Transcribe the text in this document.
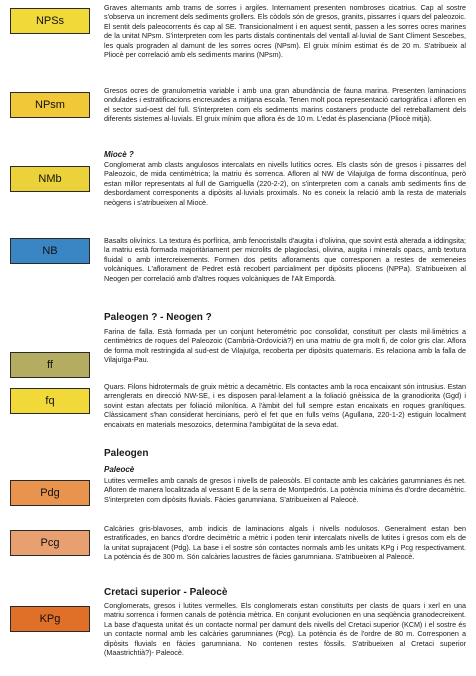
NPSs

Graves alternants amb trams de sorres i argiles. Internament presenten nombroses cicatrius. Cap al sostre s'observa un increment dels sediments grollers. Els còdols són de gresos, granits, pissarres i quars del paleozoic. El sentit dels paleocorrents és cap al SE. Transicionalment i en aquest sentit, passen a les sorres ocres marines de la unitat NPsm. S'interpreten com les parts distals continentals del ventall al·luvial de Sant Climent Sescebes, les quals prograden al damunt de les sorres ocres (NPsm). El gruix mínim estimat és de 20 m. S'atribueix al Pliocè per correlació amb els sediments marins (NPsm).

NPsm

Gresos ocres de granulometria variable i amb una gran abundància de fauna marina. Presenten laminacions ondulades i estratificacions encreuades a mitjana escala. Tenen molt poca representació cartogràfica i afloren en el sector sud-oest del full. S'interpreten com els sediments marins costaners producte del retreballament dels diferents sistemes al·luvials. El gruix mínim que aflora és de 10 m. L'edat és plasenciana (Pliocè mitjà).

Miocè ?

NMb

Conglomerat amb clasts angulosos intercalats en nivells lutítics ocres. Els clasts són de gresos i pissarres del Paleozoic, de mida centimètrica; la matriu és sorrenca. Afloren al NW de Vilajuïga de forma discontínua, però estan millor representats al full de Garriguella (220-2-2), on s'interpreten com a canals amb sediments fins de desbordament corresponents a dipòsits al·luvials proximals. No es coneix la relació amb la resta de materials neògens i s'atribueixen al Miocè.

NB

Basalts olivínics. La textura és porfírica, amb fenocristalls d'augita i d'olivina, que sovint està alterada a iddingsita; la matriu està formada majoritàriament per microlits de plagioclasi, olivina, augita i minerals opacs, amb textura fluidal o amb intercreixements. Formen dos petits afloraments que corresponen a restes de xemeneies volcàniques. L'aflorament de Pedret està recobert parcialment per dipòsits pliocens (NPPa). S'atribueixen al Neogen per correlació amb d'altres roques volcàniques de l'Alt Empordà.

Paleogen ? - Neogen ?

ff

Farina de falla. Està formada per un conjunt heterométric poc consolidat, constituït per clasts mil·limètrics a centimètrics de roques del Paleozoic (Cambrià-Ordovicià?) en una matriu de gra molt fi, de color gris clar. Aflora de forma molt restringida al sud-est de Vilajuïga, recoberta per dipòsits quaternaris. Es relaciona amb la falla de Vilajuïga-Pau.

fq

Quars. Filons hidrotermals de gruix mètric a decamètric. Els contactes amb la roca encaixant són intrusius. Estan arrenglerats en direcció NW-SE, i es disposen paral·lelament a la foliació gnèissica de la granodiorita (Ggd) i sovint estan afectats per foliació milonítica. A l'àmbit del full sempre estan encaixats en roques granítiques. Clàssicament s'han considerat hercinians, però el fet que en fulls veïns (Agullana, 220-1-2) estiguin localment encaixats en materials mesozoics, determina l'ambigüitat de la seva edat.

Paleogen

Paleocè

Pdg

Lutites vermelles amb canals de gresos i nivells de paleosòls. El contacte amb les calcàries garumnianes és net. Afloren de manera localitzada al vessant E de la serra de Montpedrós. La potència mínima és d'ordre decamètric. S'interpreten com dipòsits fluvials. Fàcies garumniana. S'atribueixen al Paleocè.

Pcg

Calcàries gris-blavoses, amb indicis de laminacions algals i nivells nodulosos. Generalment estan ben estratificades, en bancs d'ordre decimètric a mètric i poden tenir intercalats nivells de lutites i gresos com els de la unitat suprajacent (Pdg). La base i el sostre són contactes normals amb les unitats KPg i Pcg respectivament. La potència és de 300 m. Són calcàries lacustres de fàcies garumniana. S'atribueixen al Paleocè.

Cretaci superior - Paleocè

KPg

Conglomerats, gresos i lutites vermelles. Els conglomerats estan constituïts per clasts de quars i xerl en una matriu sorrenca i formen canals de potència mètrica. En conjunt evolucionen en una seqüència granodecreixent. La base d'aquesta unitat és un contacte normal per damunt dels nivells del Cretaci superior (KCM) i el sostre és un contacte normal amb les calcàries garumnianes (Pcg). La potència és de l'ordre de 80 m. Corresponen a dipòsits fluvials en fàcies garumniana. No contenen restes fòssils. S'atribueixen al Cretaci superior (Maastrichtià?)- Paleocè.
